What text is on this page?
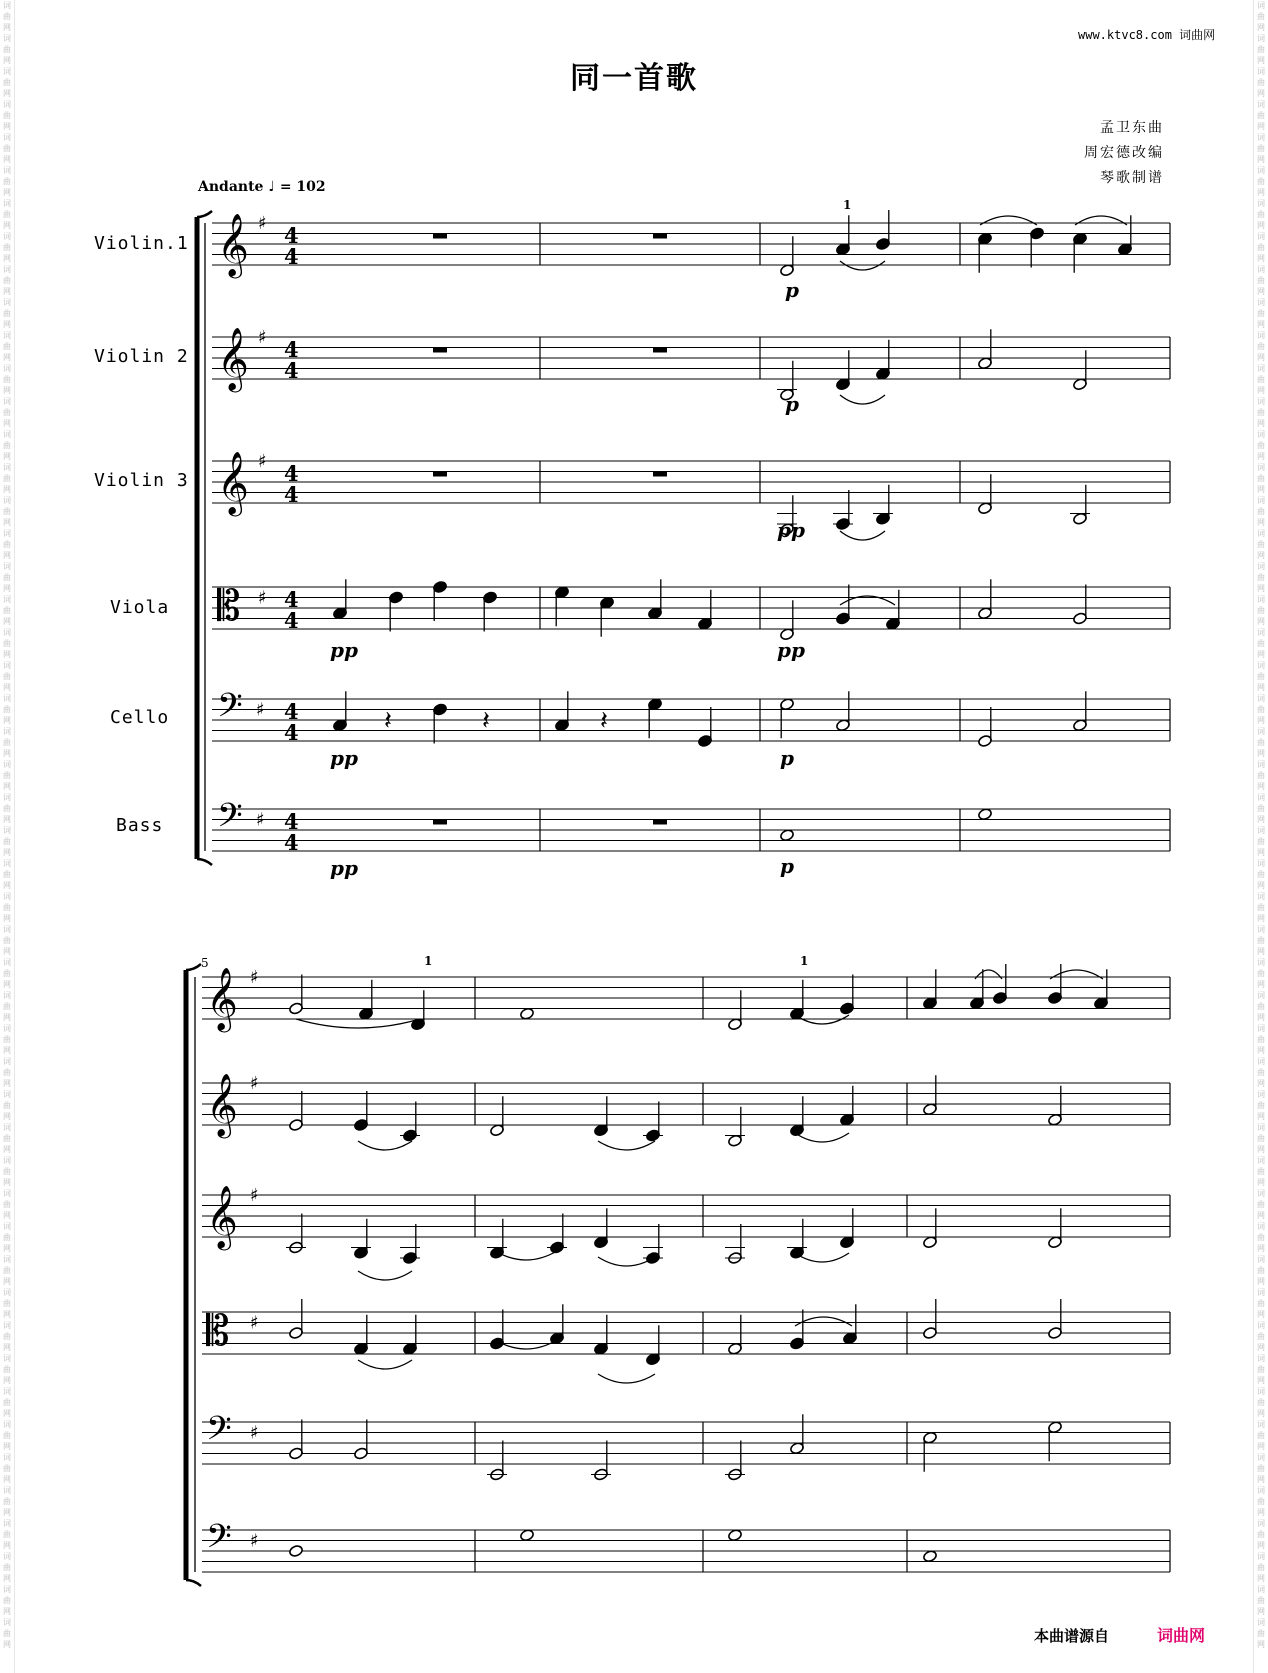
词
曲
网
词
曲
网
词
曲
网
词
曲
网
词
曲
网
词
曲
网
词
曲
网
词
曲
网
词
曲
网
词
曲
网
词
曲
网
词
曲
网
词
曲
网
词
曲
网
词
曲
网
词
曲
网
词
曲
网
词
曲
网
词
曲
网
词
曲
网
词
曲
网
词
曲
网
词
曲
网
词
曲
网
词
曲
网
词
曲
网
词
曲
网
词
曲
网
词
曲
网
词
曲
网
词
曲
网
词
曲
网
词
曲
网
词
曲
网
词
曲
网
词
曲
网
词
曲
网
词
曲
网
词
曲
网
词
曲
网
词
曲
网
词
曲
网
词
曲
网
词
曲
网
词
曲
网
词
曲
网
词
曲
网
词
曲
网
词
曲
网
词
曲
网
词
曲
网
词
曲
网
词
曲
网
词
曲
网
词
曲
网
词
曲
网
词
曲
网
词
曲
网
词
曲
网
词
曲
网
词
曲
网
词
曲
网
词
曲
网
词
曲
网
词
曲
网
词
曲
网
词
曲
网
词
曲
网
词
曲
网
词
曲
网
词
曲
网
词
曲
网
词
曲
网
词
曲
网
词
曲
网
词
曲
网
词
曲
网
词
曲
网
词
曲
网
词
曲
网
词
曲
网
词
曲
网
词
曲
网
词
曲
网
词
曲
网
词
曲
网
词
曲
网
词
曲
网
词
曲
网
词
曲
网
词
曲
网
词
曲
网
词
曲
网
词
曲
网
词
曲
网
词
曲
网
词
曲
网
词
曲
网
词
曲
网
词
曲
网
www.ktvc8.com 词曲网
同一首歌
孟卫东曲
周宏德改编
琴歌制谱
Andante ♩ = 102
Violin.1
Violin 2
Violin 3
Viola
Cello
Bass
𝄞 ♯ 4
4
𝄞 ♯ 4
4
𝄞 ♯ 4
4
𝄡 ♯ 4
4
𝄢 ♯ 4
4
𝄢 ♯ 4
4
1
p
p
pp
pp	pp
𝄽	𝄽
pp
𝄽
p
pp	p
𝄞 ♯
𝄞 ♯
𝄞 ♯
𝄡 ♯
𝄢 ♯
𝄢 ♯
5	1	1
本曲谱源自	词曲网
